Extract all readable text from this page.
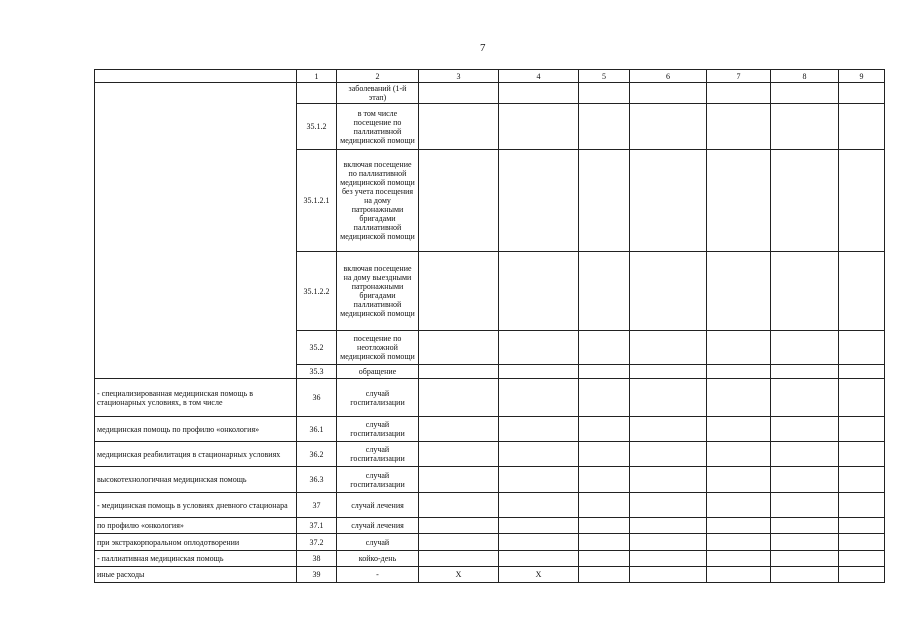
7
	1	2	3	4	5	6	7	8	9
		заболеваний (1-й этап)							
	35.1.2	в том числе посещение по паллиативной медицинской помощи							
	35.1.2.1	включая посещение по паллиативной медицинской помощи без учета посещения на дому патронажными бригадами паллиативной медицинской помощи							
	35.1.2.2	включая посещение на дому выездными патронажными бригадами паллиативной медицинской помощи							
	35.2	посещение по неотложной медицинской помощи							
	35.3	обращение							
- специализированная медицинская помощь в стационарных условиях, в том числе	36	случай госпитализации							
медицинская помощь по профилю «онкология»	36.1	случай госпитализации							
медицинская реабилитация в стационарных условиях	36.2	случай госпитализации							
высокотехнологичная медицинская помощь	36.3	случай госпитализации							
- медицинская помощь в условиях дневного стационара	37	случай лечения							
по профилю «онкология»	37.1	случай лечения							
при экстракорпоральном оплодотворении	37.2	случай							
- паллиативная медицинская помощь	38	койко-день							
иные расходы	39	-	Х	Х					
